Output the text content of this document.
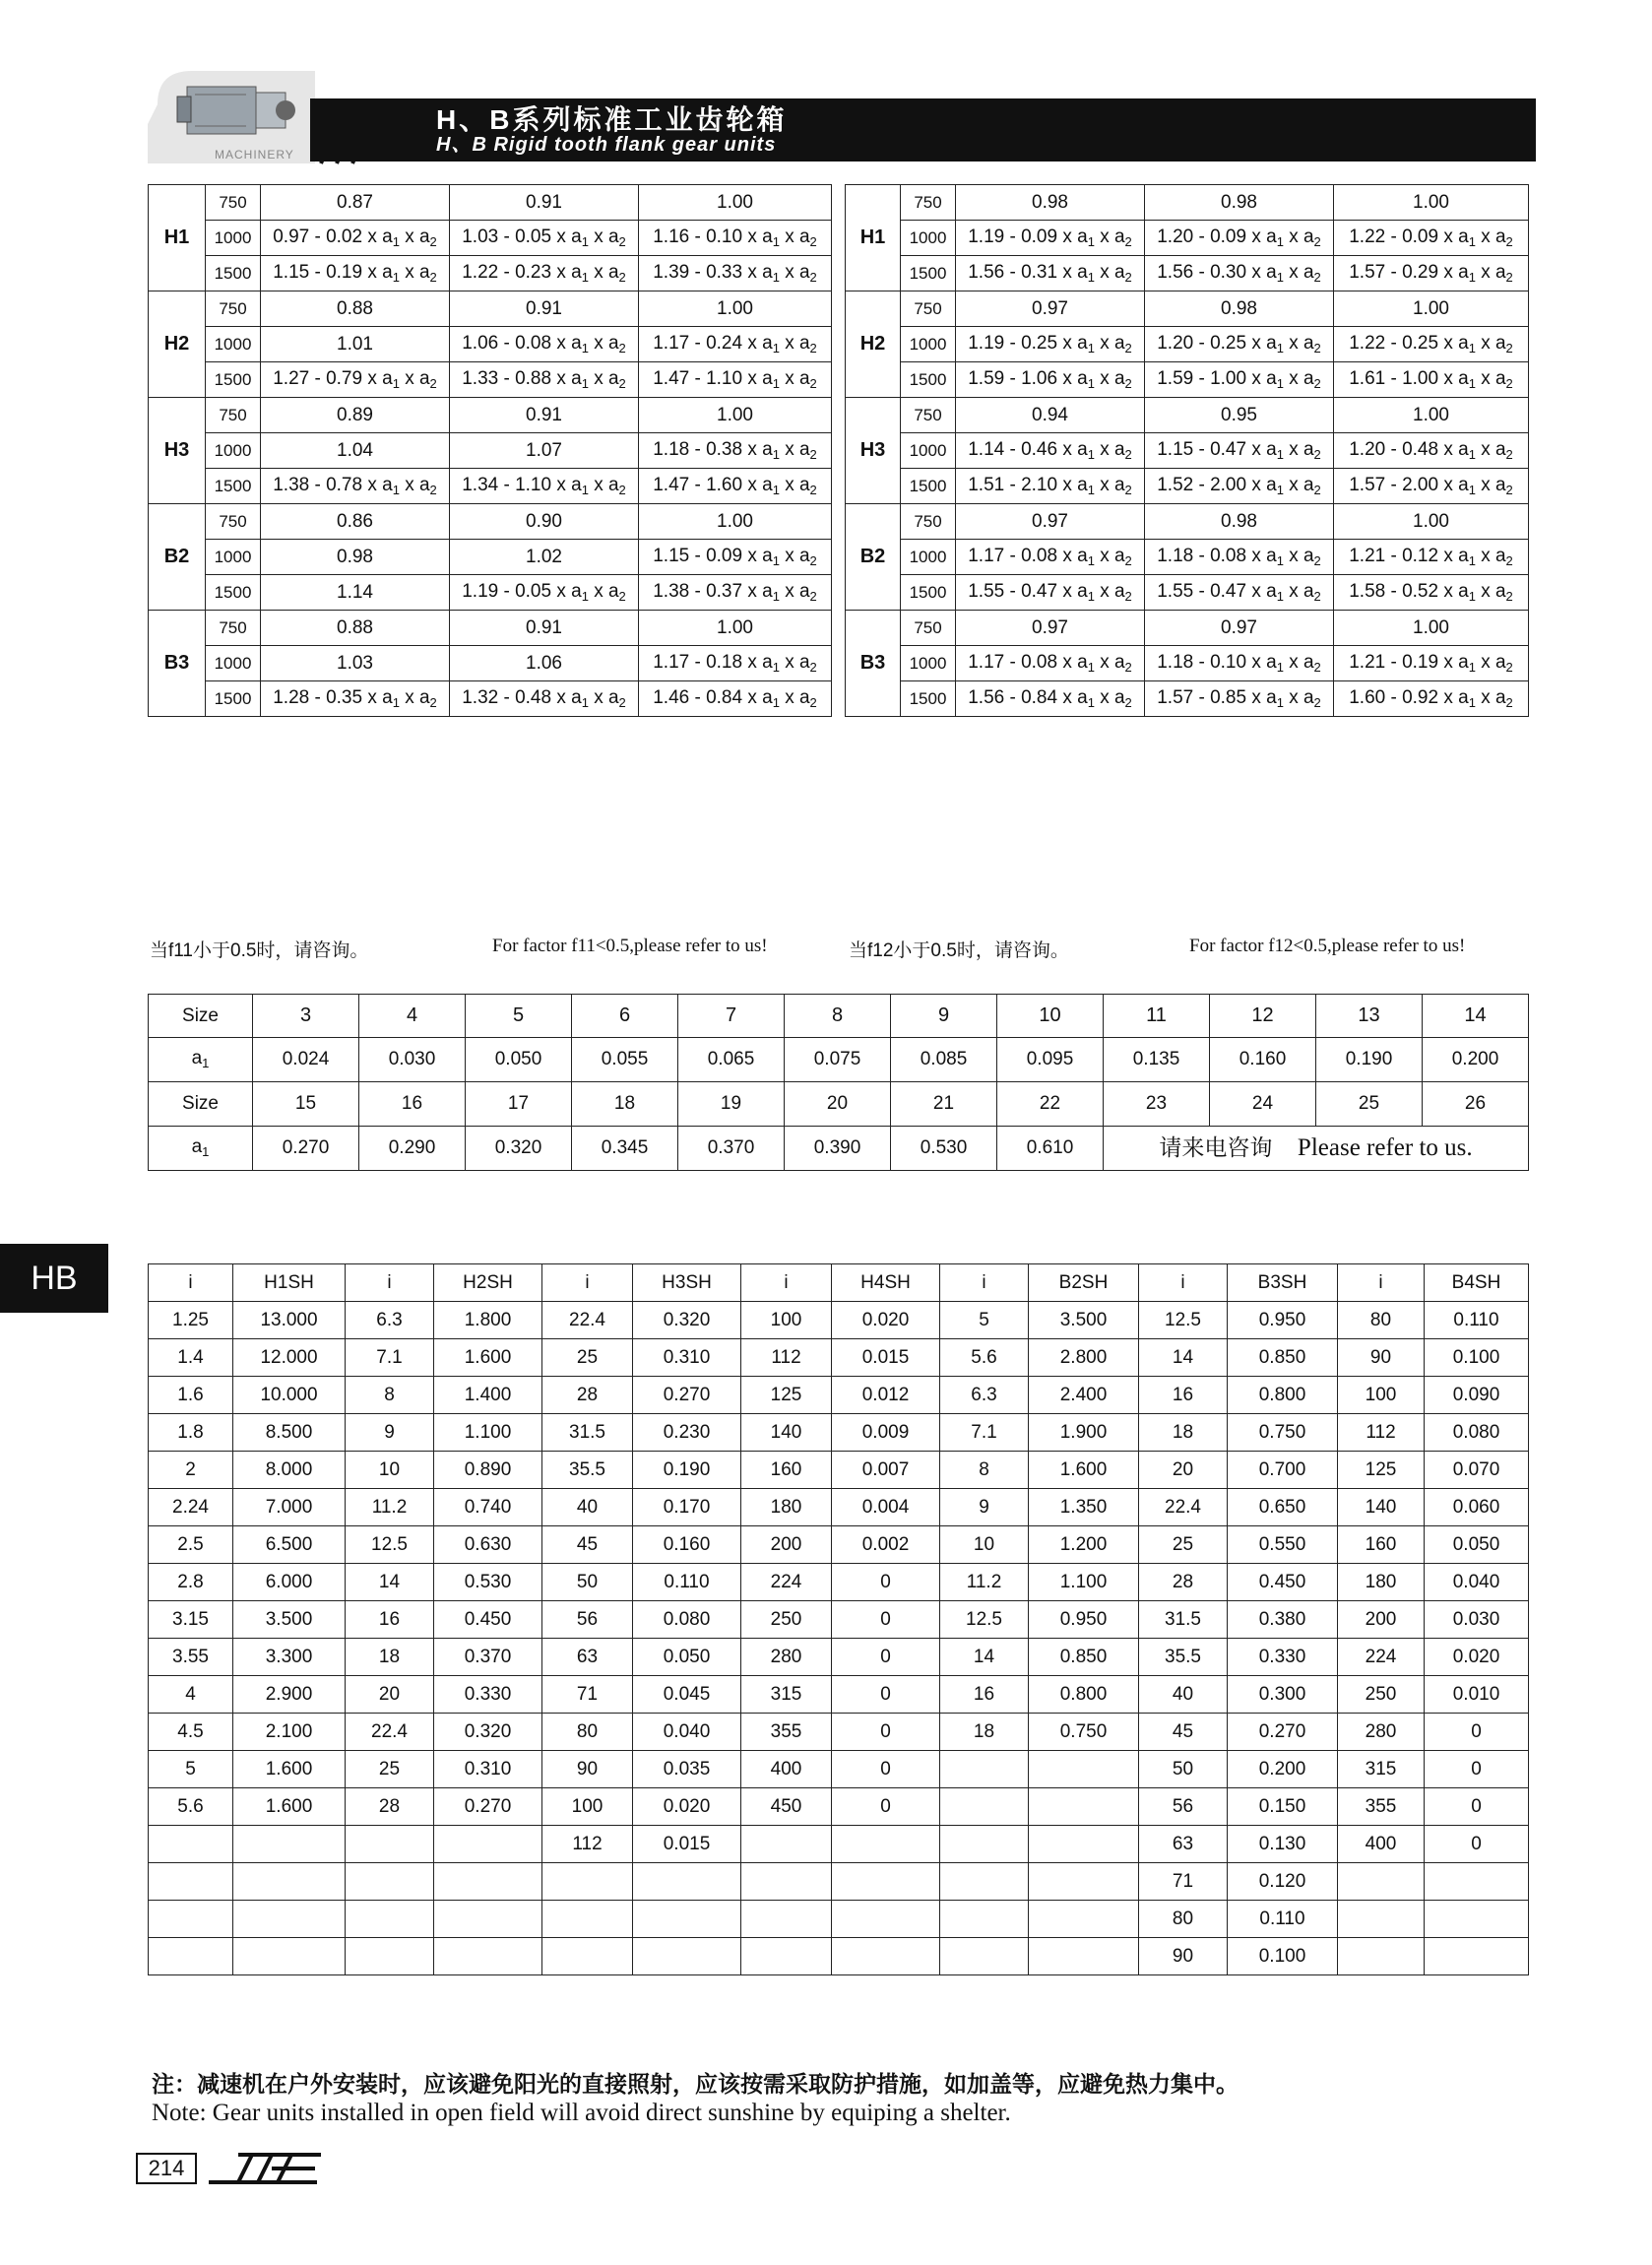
MACHINERY
H、B系列标准工业齿轮箱
H、B Rigid tooth flank gear units
H1	750	0.87	0.91	1.00
	1000	0.97 - 0.02 x $a_1$ x $a_2$	1.03 - 0.05 x $a_1$ x $a_2$	1.16 - 0.10 x $a_1$ x $a_2$
	1500	1.15 - 0.19 x $a_1$ x $a_2$	1.22 - 0.23 x $a_1$ x $a_2$	1.39 - 0.33 x $a_1$ x $a_2$
H2	750	0.88	0.91	1.00
	1000	1.01	1.06 - 0.08 x $a_1$ x $a_2$	1.17 - 0.24 x $a_1$ x $a_2$
	1500	1.27 - 0.79 x $a_1$ x $a_2$	1.33 - 0.88 x $a_1$ x $a_2$	1.47 - 1.10 x $a_1$ x $a_2$
H3	750	0.89	0.91	1.00
	1000	1.04	1.07	1.18 - 0.38 x $a_1$ x $a_2$
	1500	1.38 - 0.78 x $a_1$ x $a_2$	1.34 - 1.10 x $a_1$ x $a_2$	1.47 - 1.60 x $a_1$ x $a_2$
B2	750	0.86	0.90	1.00
	1000	0.98	1.02	1.15 - 0.09 x $a_1$ x $a_2$
	1500	1.14	1.19 - 0.05 x $a_1$ x $a_2$	1.38 - 0.37 x $a_1$ x $a_2$
B3	750	0.88	0.91	1.00
	1000	1.03	1.06	1.17 - 0.18 x $a_1$ x $a_2$
	1500	1.28 - 0.35 x $a_1$ x $a_2$	1.32 - 0.48 x $a_1$ x $a_2$	1.46 - 0.84 x $a_1$ x $a_2$
当f11小于0.5时，请咨询。	For factor f11<0.5,please refer to us!
H1	750	0.98	0.98	1.00
	1000	1.19 - 0.09 x $a_1$ x $a_2$	1.20 - 0.09 x $a_1$ x $a_2$	1.22 - 0.09 x $a_1$ x $a_2$
	1500	1.56 - 0.31 x $a_1$ x $a_2$	1.56 - 0.30 x $a_1$ x $a_2$	1.57 - 0.29 x $a_1$ x $a_2$
H2	750	0.97	0.98	1.00
	1000	1.19 - 0.25 x $a_1$ x $a_2$	1.20 - 0.25 x $a_1$ x $a_2$	1.22 - 0.25 x $a_1$ x $a_2$
	1500	1.59 - 1.06 x $a_1$ x $a_2$	1.59 - 1.00 x $a_1$ x $a_2$	1.61 - 1.00 x $a_1$ x $a_2$
H3	750	0.94	0.95	1.00
	1000	1.14 - 0.46 x $a_1$ x $a_2$	1.15 - 0.47 x $a_1$ x $a_2$	1.20 - 0.48 x $a_1$ x $a_2$
	1500	1.51 - 2.10 x $a_1$ x $a_2$	1.52 - 2.00 x $a_1$ x $a_2$	1.57 - 2.00 x $a_1$ x $a_2$
B2	750	0.97	0.98	1.00
	1000	1.17 - 0.08 x $a_1$ x $a_2$	1.18 - 0.08 x $a_1$ x $a_2$	1.21 - 0.12 x $a_1$ x $a_2$
	1500	1.55 - 0.47 x $a_1$ x $a_2$	1.55 - 0.47 x $a_1$ x $a_2$	1.58 - 0.52 x $a_1$ x $a_2$
B3	750	0.97	0.97	1.00
	1000	1.17 - 0.08 x $a_1$ x $a_2$	1.18 - 0.10 x $a_1$ x $a_2$	1.21 - 0.19 x $a_1$ x $a_2$
	1500	1.56 - 0.84 x $a_1$ x $a_2$	1.57 - 0.85 x $a_1$ x $a_2$	1.60 - 0.92 x $a_1$ x $a_2$
当f12小于0.5时，请咨询。	For factor f12<0.5,please refer to us!
Size	3	4	5	6	7	8	9	10	11	12	13	14
$a_1$	0.024	0.030	0.050	0.055	0.065	0.075	0.085	0.095	0.135	0.160	0.190	0.200
Size	15	16	17	18	19	20	21	22	23	24	25	26
$a_1$	0.270	0.290	0.320	0.345	0.370	0.390	0.530	0.610	请来电咨询 Please refer to us.			
i	H1SH	i	H2SH	i	H3SH	i	H4SH	i	B2SH	i	B3SH	i	B4SH
1.25	13.000	6.3	1.800	22.4	0.320	100	0.020	5	3.500	12.5	0.950	80	0.110
1.4	12.000	7.1	1.600	25	0.310	112	0.015	5.6	2.800	14	0.850	90	0.100
1.6	10.000	8	1.400	28	0.270	125	0.012	6.3	2.400	16	0.800	100	0.090
1.8	8.500	9	1.100	31.5	0.230	140	0.009	7.1	1.900	18	0.750	112	0.080
2	8.000	10	0.890	35.5	0.190	160	0.007	8	1.600	20	0.700	125	0.070
2.24	7.000	11.2	0.740	40	0.170	180	0.004	9	1.350	22.4	0.650	140	0.060
2.5	6.500	12.5	0.630	45	0.160	200	0.002	10	1.200	25	0.550	160	0.050
2.8	6.000	14	0.530	50	0.110	224	0	11.2	1.100	28	0.450	180	0.040
3.15	3.500	16	0.450	56	0.080	250	0	12.5	0.950	31.5	0.380	200	0.030
3.55	3.300	18	0.370	63	0.050	280	0	14	0.850	35.5	0.330	224	0.020
4	2.900	20	0.330	71	0.045	315	0	16	0.800	40	0.300	250	0.010
4.5	2.100	22.4	0.320	80	0.040	355	0	18	0.750	45	0.270	280	0
5	1.600	25	0.310	90	0.035	400	0			50	0.200	315	0
5.6	1.600	28	0.270	100	0.020	450	0			56	0.150	355	0
				112	0.015					63	0.130	400	0
										71	0.120		
										80	0.110		
										90	0.100		
注：减速机在户外安装时，应该避免阳光的直接照射，应该按需采取防护措施，如加盖等，应避免热力集中。
Note: Gear units installed in open field will avoid direct sunshine by equiping a shelter.
HB
214
